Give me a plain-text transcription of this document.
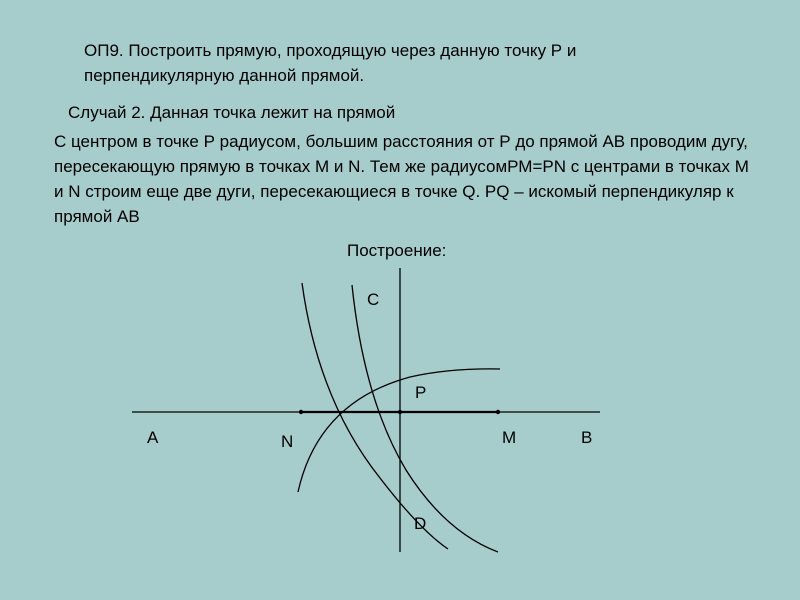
ОП9. Построить прямую, проходящую через данную точку Р и перпендикулярную данной прямой.
Случай 2. Данная точка лежит на прямой
С центром в точке Р радиусом, большим расстояния от Р до прямой АВ проводим дугу, пересекающую прямую в точках М и N. Тем же радиусомРМ=РN с центрами в точках М и N строим еще две дуги, пересекающиеся в точке Q. PQ – искомый перпендикуляр к прямой АВ
Построение:
А	В
С
D
Р
М
N
